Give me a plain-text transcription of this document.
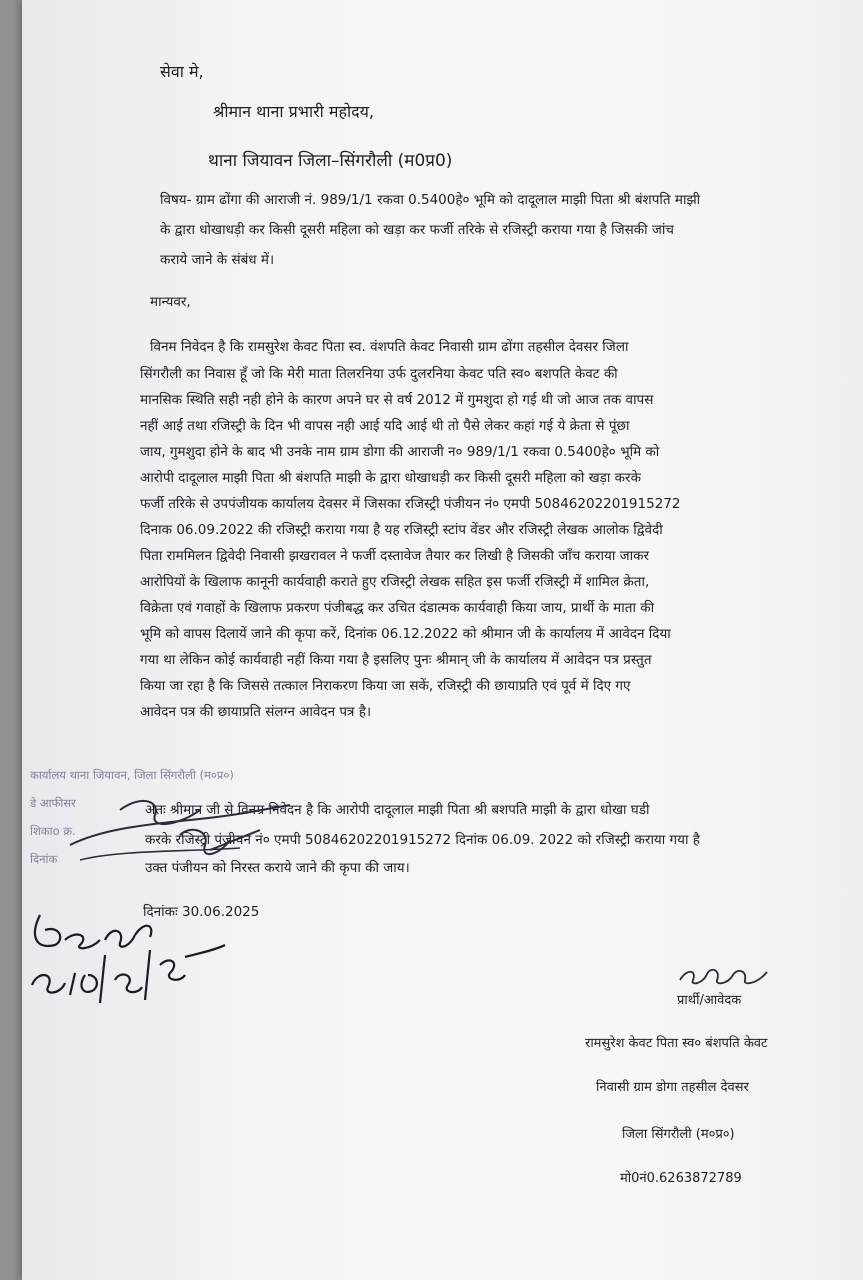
सेवा मे,
श्रीमान थाना प्रभारी महोदय,
थाना जियावन जिला–सिंगरौली (म0प्र0)
विषय- ग्राम ढोंगा की आराजी नं. 989/1/1 रकवा 0.5400हे० भूमि को दादूलाल माझी पिता श्री बंशपति माझी
के द्वारा धोखाधड़ी कर किसी दूसरी महिला को खड़ा कर फर्जी तरिके से रजिस्ट्री कराया गया है जिसकी जांच
कराये जाने के संबंध में।
मान्यवर,
विनम निवेदन है कि रामसुरेश केवट पिता स्व. वंशपति केवट निवासी ग्राम ढोंगा तहसील देवसर जिला
सिंगरौली का निवास हूँ जो कि मेरी माता तिलरनिया उर्फ दुलरनिया केवट पति स्व० बशपति केवट की
मानसिक स्थिति सही नही होने के कारण अपने घर से वर्ष 2012 में गुमशुदा हो गई थी जो आज तक वापस
नहीं आई तथा रजिस्ट्री के दिन भी वापस नही आई यदि आई थी तो पैसे लेकर कहां गई ये क्रेता से पूंछा
जाय, गुमशुदा होने के बाद भी उनके नाम ग्राम डोगा की आराजी न० 989/1/1 रकवा 0.5400हे० भूमि को
आरोपी दादूलाल माझी पिता श्री बंशपति माझी के द्वारा धोखाधड़ी कर किसी दूसरी महिला को खड़ा करके
फर्जी तरिके से उपपंजीयक कार्यालय देवसर में जिसका रजिस्ट्री पंजीयन नं० एमपी 50846202201915272
दिनाक 06.09.2022 की रजिस्ट्री कराया गया है यह रजिस्ट्री स्टांप वेंडर और रजिस्ट्री लेखक आलोक द्विवेदी
पिता राममिलन द्विवेदी निवासी झखरावल ने फर्जी दस्तावेज तैयार कर लिखी है जिसकी जाँच कराया जाकर
आरोपियों के खिलाफ कानूनी कार्यवाही कराते हुए रजिस्ट्री लेखक सहित इस फर्जी रजिस्ट्री में शामिल क्रेता,
विक्रेता एवं गवाहों के खिलाफ प्रकरण पंजीबद्ध कर उचित दंडात्मक कार्यवाही किया जाय, प्रार्थी के माता की
भूमि को वापस दिलायें जाने की कृपा करें, दिनांक 06.12.2022 को श्रीमान जी के कार्यालय में आवेदन दिया
गया था लेकिन कोई कार्यवाही नहीं किया गया है इसलिए पुनः श्रीमान् जी के कार्यालय में आवेदन पत्र प्रस्तुत
किया जा रहा है कि जिससे तत्काल निराकरण किया जा सकें, रजिस्ट्री की छायाप्रति एवं पूर्व में दिए गए
आवेदन पत्र की छायाप्रति संलग्न आवेदन पत्र है।
कार्यालय थाना जियावन, जिला सिंगरौली (म०प्र०)
डे आफीसर
शिकाo क्र.
दिनांक
अतः श्रीमान जी से विनम्र निवेदन है कि आरोपी दादूलाल माझी पिता श्री बशपति माझी के द्वारा धोखा घडी
करके रजिस्ट्री पंजीयन नं० एमपी 50846202201915272 दिनांक 06.09. 2022 को रजिस्ट्री कराया गया है
उक्त पंजीयन को निरस्त कराये जाने की कृपा की जाय।
दिनांकः 30.06.2025
प्रार्थी/आवेदक
रामसुरेश केवट पिता स्व० बंशपति केवट
निवासी ग्राम डोगा तहसील देवसर
जिला सिंगरौली (म०प्र०)
मो0नं0.6263872789
